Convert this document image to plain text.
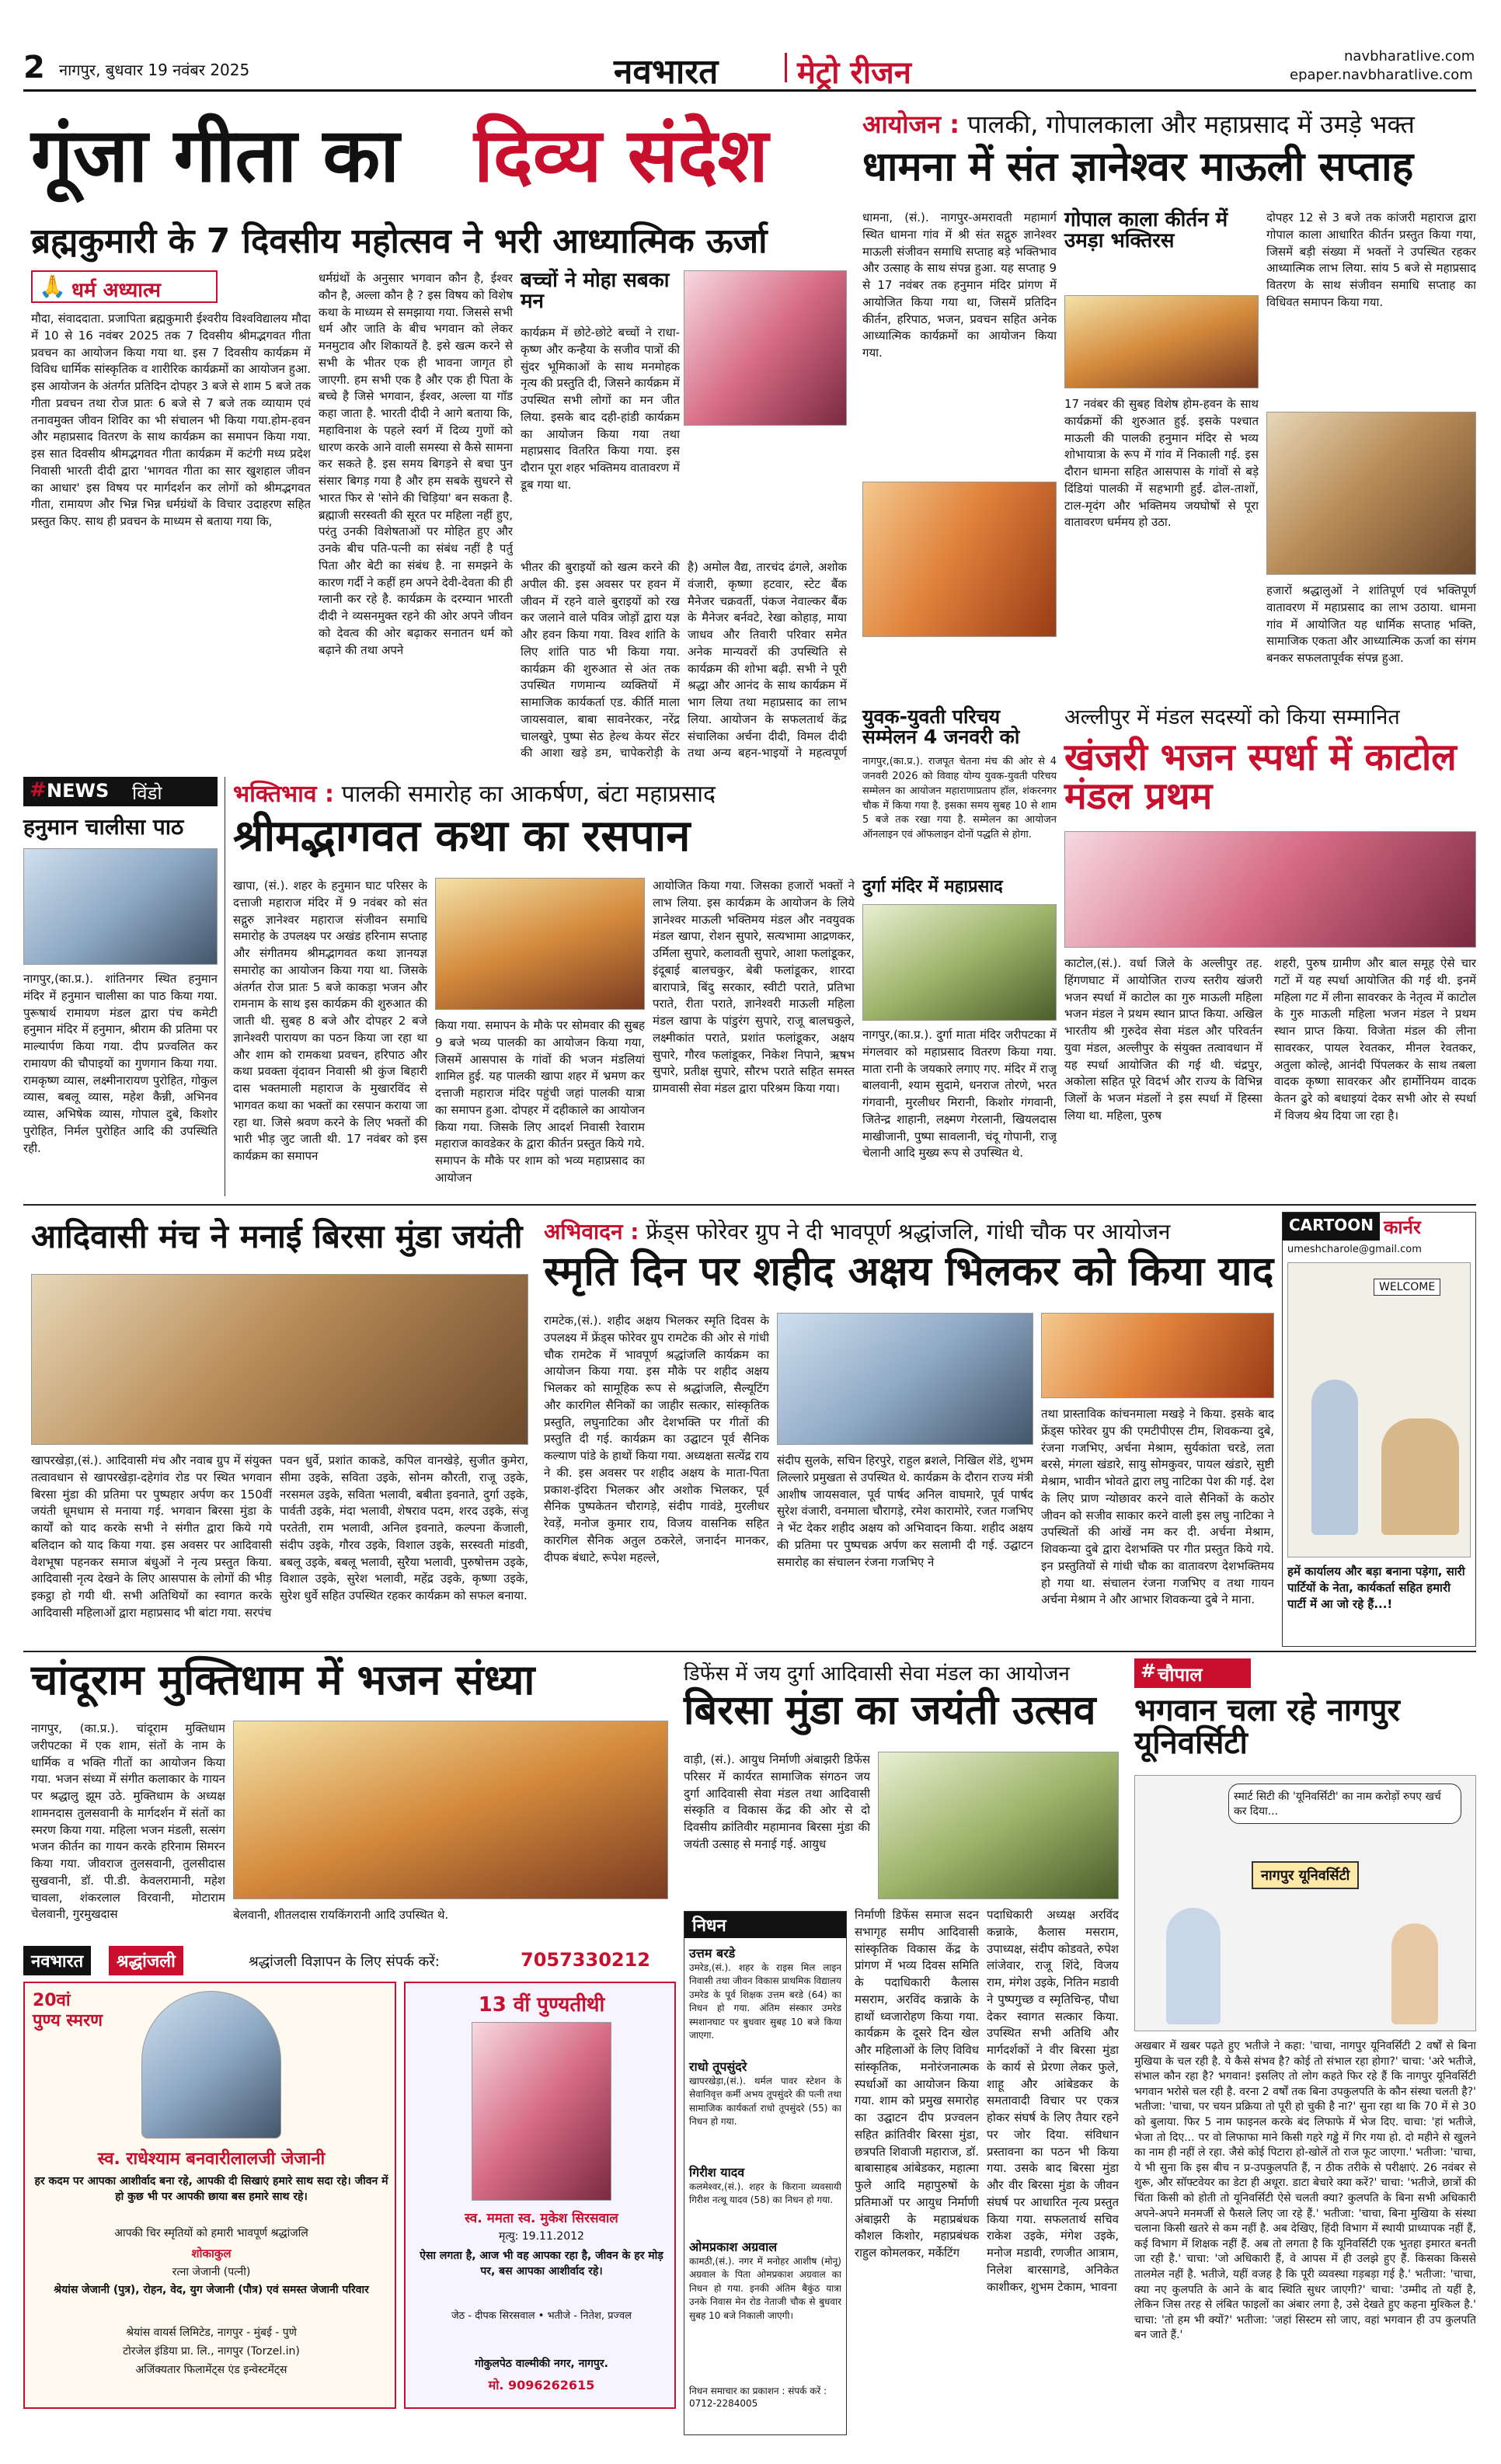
2 नागपुर, बुधवार 19 नवंबर 2025	नवभारत	मेट्रो रीजन	navbharatlive.com
epaper.navbharatlive.com
गूंजा गीता का दिव्य संदेश
ब्रह्मकुमारी के 7 दिवसीय महोत्सव ने भरी आध्यात्मिक ऊर्जा
🙏 धर्म अध्यात्म
मौदा, संवाददाता. प्रजापिता ब्रह्मकुमारी ईश्वरीय विश्वविद्यालय मौदा में 10 से 16 नवंबर 2025 तक 7 दिवसीय श्रीमद्भगवत गीता प्रवचन का आयोजन किया गया था. इस 7 दिवसीय कार्यक्रम में विविध धार्मिक सांस्कृतिक व शारीरिक कार्यक्रमों का आयोजन हुआ. इस आयोजन के अंतर्गत प्रतिदिन दोपहर 3 बजे से शाम 5 बजे तक गीता प्रवचन तथा रोज प्रातः 6 बजे से 7 बजे तक व्यायाम एवं तनावमुक्त जीवन शिविर का भी संचालन भी किया गया.होम-हवन और महाप्रसाद वितरण के साथ कार्यक्रम का समापन किया गया. इस सात दिवसीय श्रीमद्भगवत गीता कार्यक्रम में कटंगी मध्य प्रदेश निवासी भारती दीदी द्वारा 'भागवत गीता का सार खुशहाल जीवन का आधार' इस विषय पर मार्गदर्शन कर लोगों को श्रीमद्भगवत गीता, रामायण और भिन्न भिन्न धर्मग्रंथों के विचार उदाहरण सहित प्रस्तुत किए. साथ ही प्रवचन के माध्यम से बताया गया कि,
धर्मग्रंथों के अनुसार भगवान कौन है, ईश्वर कौन है, अल्ला कौन है ? इस विषय को विशेष कथा के माध्यम से समझाया गया. जिससे सभी धर्म और जाति के बीच भगवान को लेकर मनमुटाव और शिकायतें है. इसे खत्म करने से सभी के भीतर एक ही भावना जागृत हो जाएगी. हम सभी एक है और एक ही पिता के बच्चे है जिसे भगवान, ईश्वर, अल्ला या गॉड कहा जाता है. भारती दीदी ने आगे बताया कि, महाविनाश के पहले स्वर्ग में दिव्य गुणों को धारण करके आने वाली समस्या से कैसे सामना कर सकते है. इस समय बिगड़ने से बचा पुन संसार बिगड़ गया है और हम सबके सुधरने से भारत फिर से 'सोने की चिड़िया' बन सकता है. ब्रह्माजी सरस्वती की सूरत पर महिला नहीं हुए, परंतु उनकी विशेषताओं पर मोहित हुए और उनके बीच पति-पत्नी का संबंध नहीं है पर्तु पिता और बेटी का संबंध है. ना समझने के कारण गर्दी ने कहीं हम अपने देवी-देवता की ही ग्लानी कर रहे है. कार्यक्रम के दरम्यान भारती दीदी ने व्यसनमुक्त रहने की ओर अपने जीवन को देवत्व की ओर बढ़ाकर सनातन धर्म को बढ़ाने की तथा अपने
बच्चों ने मोहा सबका मन
कार्यक्रम में छोटे-छोटे बच्चों ने राधा-कृष्ण और कन्हैया के सजीव पात्रों की सुंदर भूमिकाओं के साथ मनमोहक नृत्य की प्रस्तुति दी, जिसने कार्यक्रम में उपस्थित सभी लोगों का मन जीत लिया. इसके बाद दही-हांडी कार्यक्रम का आयोजन किया गया तथा महाप्रसाद वितरित किया गया. इस दौरान पूरा शहर भक्तिमय वातावरण में डूब गया था.
भीतर की बुराइयों को खत्म करने की अपील की. इस अवसर पर हवन में जीवन में रहने वाले बुराइयों को रख कर जलाने वाले पवित्र जोड़ों द्वारा यज्ञ और हवन किया गया. विश्व शांति के लिए शांति पाठ भी किया गया. कार्यक्रम की शुरुआत से अंत तक उपस्थित गणमान्य व्यक्तियों में सामाजिक कार्यकर्ता एड. कीर्ति माला जायसवाल, बाबा सावनेरकर, नरेंद्र चालखुरे, पुष्पा सेठ हेल्थ केयर सेंटर की आशा खड़े डम, चापेकरोड़ी के
है) अमोल वैद्य, तारचंद ढंगले, अशोक वंजारी, कृष्णा हटवार, स्टेट बैंक मैनेजर चक्रवर्ती, पंकज नेवाल्कर बैंक के मैनेजर बर्नवटे, रेखा कोहाड़, माया जाधव और तिवारी परिवार समेत अनेक मान्यवरों की उपस्थिति से कार्यक्रम की शोभा बढ़ी. सभी ने पूरी श्रद्धा और आनंद के साथ कार्यक्रम में भाग लिया तथा महाप्रसाद का लाभ लिया. आयोजन के सफलतार्थ केंद्र संचालिका अर्चना दीदी, विमल दीदी तथा अन्य बहन-भाइयों ने महत्वपूर्ण
आयोजन : पालकी, गोपालकाला और महाप्रसाद में उमड़े भक्त
धामना में संत ज्ञानेश्वर माऊली सप्ताह
धामना, (सं.). नागपुर-अमरावती महामार्ग स्थित धामना गांव में श्री संत सद्गुरु ज्ञानेश्वर माऊली संजीवन समाधि सप्ताह बड़े भक्तिभाव और उत्साह के साथ संपन्न हुआ. यह सप्ताह 9 से 17 नवंबर तक हनुमान मंदिर प्रांगण में आयोजित किया गया था, जिसमें प्रतिदिन कीर्तन, हरिपाठ, भजन, प्रवचन सहित अनेक आध्यात्मिक कार्यक्रमों का आयोजन किया गया.
17 नवंबर की सुबह विशेष होम-हवन के साथ कार्यक्रमों की शुरुआत हुई. इसके पश्चात माऊली की पालकी हनुमान मंदिर से भव्य शोभायात्रा के रूप में गांव में निकाली गई. इस दौरान धामना सहित आसपास के गांवों से बड़े दिंडियां पालकी में सहभागी हुईं. ढोल-ताशों, टाल-मृदंग और भक्तिमय जयघोषों से पूरा वातावरण धर्ममय हो उठा.
गोपाल काला कीर्तन में उमड़ा भक्तिरस
दोपहर 12 से 3 बजे तक कांजरी महाराज द्वारा गोपाल काला आधारित कीर्तन प्रस्तुत किया गया, जिसमें बड़ी संख्या में भक्तों ने उपस्थित रहकर आध्यात्मिक लाभ लिया. सांय 5 बजे से महाप्रसाद वितरण के साथ संजीवन समाधि सप्ताह का विधिवत समापन किया गया.
हजारों श्रद्धालुओं ने शांतिपूर्ण एवं भक्तिपूर्ण वातावरण में महाप्रसाद का लाभ उठाया. धामना गांव में आयोजित यह धार्मिक सप्ताह भक्ति, सामाजिक एकता और आध्यात्मिक ऊर्जा का संगम बनकर सफलतापूर्वक संपन्न हुआ.
# NEWS विंडो
हनुमान चालीसा पाठ
नागपुर,(का.प्र.). शांतिनगर स्थित हनुमान मंदिर में हनुमान चालीसा का पाठ किया गया. पुरूषार्थ रामायण मंडल द्वारा पंच कमेटी हनुमान मंदिर में हनुमान, श्रीराम की प्रतिमा पर माल्यार्पण किया गया. दीप प्रज्वलित कर रामायण की चौपाइयों का गुणगान किया गया. रामकृष्ण व्यास, लक्ष्मीनारायण पुरोहित, गोकुल व्यास, बबलू व्यास, महेश कैन्नी, अभिनव व्यास, अभिषेक व्यास, गोपाल दुबे, किशोर पुरोहित, निर्मल पुरोहित आदि की उपस्थिति रही.
भक्तिभाव : पालकी समारोह का आकर्षण, बंटा महाप्रसाद
श्रीमद्भागवत कथा का रसपान
खापा, (सं.). शहर के हनुमान घाट परिसर के दत्ताजी महाराज मंदिर में 9 नवंबर को संत सद्गुरु ज्ञानेश्वर महाराज संजीवन समाधि समारोह के उपलक्ष्य पर अखंड हरिनाम सप्ताह और संगीतमय श्रीमद्भागवत कथा ज्ञानयज्ञ समारोह का आयोजन किया गया था. जिसके अंतर्गत रोज प्रातः 5 बजे काकड़ा भजन और रामनाम के साथ इस कार्यक्रम की शुरुआत की जाती थी. सुबह 8 बजे और दोपहर 2 बजे ज्ञानेश्वरी पारायण का पठन किया जा रहा था और शाम को रामकथा प्रवचन, हरिपाठ और कथा प्रवक्ता वृंदावन निवासी श्री कुंज बिहारी दास भक्तमाली महाराज के मुखारविंद से भागवत कथा का भक्तों का रसपान कराया जा रहा था. जिसे श्रवण करने के लिए भक्तों की भारी भीड़ जुट जाती थी. 17 नवंबर को इस कार्यक्रम का समापन
किया गया. समापन के मौके पर सोमवार की सुबह 9 बजे भव्य पालकी का आयोजन किया गया, जिसमें आसपास के गांवों की भजन मंडलियां शामिल हुई. यह पालकी खापा शहर में भ्रमण कर दत्ताजी महाराज मंदिर पहुंची जहां पालकी यात्रा का समापन हुआ. दोपहर में दहीकाले का आयोजन किया गया. जिसके लिए आदर्श निवासी रेवाराम महाराज कावडेकर के द्वारा कीर्तन प्रस्तुत किये गये. समापन के मौके पर शाम को भव्य महाप्रसाद का आयोजन
आयोजित किया गया. जिसका हजारों भक्तों ने लाभ लिया. इस कार्यक्रम के आयोजन के लिये ज्ञानेश्वर माऊली भक्तिमय मंडल और नवयुवक मंडल खापा, रोशन सुपारे, सत्यभामा आद्रणकर, उर्मिला सुपारे, कलावती सुपारे, आशा फलांडूकर, इंदूबाई बालचकुर, बेबी फलांडूकर, शारदा बारापात्रे, बिंदु सरकार, स्वीटी पराते, प्रतिभा पराते, रीता पराते, ज्ञानेश्वरी माऊली महिला मंडल खापा के पांडुरंग सुपारे, राजू बालचकुले, लक्ष्मीकांत पराते, प्रशांत फलांडूकर, अक्षय सुपारे, गौरव फलांडूकर, निकेश निपाने, ऋषभ सुपारे, प्रतीक्ष सुपारे, सौरभ पराते सहित समस्त ग्रामवासी सेवा मंडल द्वारा परिश्रम किया गया।
युवक-युवती परिचय सम्मेलन 4 जनवरी को
नागपुर,(का.प्र.). राजपूत चेतना मंच की ओर से 4 जनवरी 2026 को विवाह योग्य युवक-युवती परिचय सम्मेलन का आयोजन महाराणाप्रताप हॉल, शंकरनगर चौक में किया गया है. इसका समय सुबह 10 से शाम 5 बजे तक रखा गया है. सम्मेलन का आयोजन ऑनलाइन एवं ऑफलाइन दोनों पद्धति से होगा.
दुर्गा मंदिर में महाप्रसाद
नागपुर,(का.प्र.). दुर्गा माता मंदिर जरीपटका में मंगलवार को महाप्रसाद वितरण किया गया. माता रानी के जयकारे लगाए गए. मंदिर में राजू बालवानी, श्याम सुदामे, धनराज तोरणे, भरत गंगवानी, मुरलीधर मिरानी, किशोर गंगवानी, जितेन्द्र शाहानी, लक्ष्मण गेरलानी, खियलदास माखीजानी, पुष्पा सावलानी, चंदू गोपानी, राजू चेलानी आदि मुख्य रूप से उपस्थित थे.
अल्लीपुर में मंडल सदस्यों को किया सम्मानित
खंजरी भजन स्पर्धा में काटोल मंडल प्रथम
काटोल,(सं.). वर्धा जिले के अल्लीपुर तह. हिंगणघाट में आयोजित राज्य स्तरीय खंजरी भजन स्पर्धा में काटोल का गुरु माऊली महिला भजन मंडल ने प्रथम स्थान प्राप्त किया. अखिल भारतीय श्री गुरुदेव सेवा मंडल और परिवर्तन युवा मंडल, अल्लीपुर के संयुक्त तत्वावधान में यह स्पर्धा आयोजित की गई थी. चंद्रपुर, अकोला सहित पूरे विदर्भ और राज्य के विभिन्न जिलों के भजन मंडलों ने इस स्पर्धा में हिस्सा लिया था. महिला, पुरुष
शहरी, पुरुष ग्रामीण और बाल समूह ऐसे चार गटों में यह स्पर्धा आयोजित की गई थी. इनमें महिला गट में लीना सावरकर के नेतृत्व में काटोल के गुरु माऊली महिला भजन मंडल ने प्रथम स्थान प्राप्त किया. विजेता मंडल की लीना सावरकर, पायल रेवतकर, मीनल रेवतकर, अतुला कोल्हे, आनंदी पिंपलकर के साथ तबला वादक कृष्णा सावरकर और हार्मोनियम वादक केतन ढुरे को बधाइयां देकर सभी ओर से स्पर्धा में विजय श्रेय दिया जा रहा है।
आदिवासी मंच ने मनाई बिरसा मुंडा जयंती
खापरखेड़ा,(सं.). आदिवासी मंच और नवाब ग्रुप में संयुक्त तत्वावधान से खापरखेड़ा-दहेगांव रोड पर स्थित भगवान बिरसा मुंडा की प्रतिमा पर पुष्पहार अर्पण कर 150वीं जयंती धूमधाम से मनाया गई. भगवान बिरसा मुंडा के कार्यों को याद करके सभी ने संगीत द्वारा किये गये बलिदान को याद किया गया. इस अवसर पर आदिवासी वेशभूषा पहनकर समाज बंधुओं ने नृत्य प्रस्तुत किया. आदिवासी नृत्य देखने के लिए आसपास के लोगों की भीड़ इकट्ठा हो गयी थी. सभी अतिथियों का स्वागत करके आदिवासी महिलाओं द्वारा महाप्रसाद भी बांटा गया. सरपंच
पवन धुर्वे, प्रशांत काकडे, कपिल वानखेड़े, सुजीत कुमेरा, सीमा उइके, सविता उइके, सोनम कौरती, राजू उइके, नरसमल उइके, सविता भलावी, बबीता इवनाते, दुर्गा उइके, पार्वती उइके, मंदा भलावी, शेषराव पदम, शरद उइके, संजू परतेती, राम भलावी, अनिल इवनाते, कल्पना केंजाली, संदीप उइके, गौरव उइके, विशाल उइके, सरस्वती मांडवी, बबलू उइके, बबलू भलावी, सुरैया भलावी, पुरुषोत्तम उइके, विशाल उइके, सुरेश भलावी, महेंद्र उइके, कृष्णा उइके, सुरेश धुर्वे सहित उपस्थित रहकर कार्यक्रम को सफल बनाया.
अभिवादन : फ्रेंड्स फोरेवर ग्रुप ने दी भावपूर्ण श्रद्धांजलि, गांधी चौक पर आयोजन
स्मृति दिन पर शहीद अक्षय भिलकर को किया याद
रामटेक,(सं.). शहीद अक्षय भिलकर स्मृति दिवस के उपलक्ष्य में फ्रेंड्स फोरेवर ग्रुप रामटेक की ओर से गांधी चौक रामटेक में भावपूर्ण श्रद्धांजलि कार्यक्रम का आयोजन किया गया. इस मौके पर शहीद अक्षय भिलकर को सामूहिक रूप से श्रद्धांजलि, सैल्यूटिंग और कारगिल सैनिकों का जाहीर सत्कार, सांस्कृतिक प्रस्तुति, लघुनाटिका और देशभक्ति पर गीतों की प्रस्तुति दी गई. कार्यक्रम का उद्घाटन पूर्व सैनिक कल्याण पांडे के हाथों किया गया. अध्यक्षता सत्येंद्र राय ने की. इस अवसर पर शहीद अक्षय के माता-पिता प्रकाश-इंदिरा भिलकर और अशोक भिलकर, पूर्व सैनिक पुष्पकेतन चौरागड़े, संदीप गावंडे, मुरलीधर रेवड़ें, मनोज कुमार राय, विजय वासनिक सहित कारगिल सैनिक अतुल ठकरेले, जनार्दन मानकर, दीपक बंधाटे, रूपेश महल्ले,
संदीप सुलके, सचिन हिरपुरे, राहुल ब्रशले, निखिल शेंडे, शुभम लिल्लारे प्रमुखता से उपस्थित थे. कार्यक्रम के दौरान राज्य मंत्री आशीष जायसवाल, पूर्व पार्षद अनिल वाघमारे, पूर्व पार्षद सुरेश वंजारी, वनमाला चौरागड़े, रमेश कारामोरे, रजत गजभिए ने भेंट देकर शहीद अक्षय को अभिवादन किया. शहीद अक्षय की प्रतिमा पर पुष्पचक्र अर्पण कर सलामी दी गई. उद्घाटन समारोह का संचालन रंजना गजभिए ने
तथा प्रास्ताविक कांचनमाला मखड़े ने किया. इसके बाद फ्रेंड्स फोरेवर ग्रुप की एमटीपीएस टीम, शिवकन्या दुबे, रंजना गजभिए, अर्चना मेश्राम, सुर्यकांता चरडे, लता बरसे, मंगला खंडारे, सायु सोमकुवर, पायल खंडारे, सुष्टी मेश्राम, भावीन भोवते द्वारा लघु नाटिका पेश की गई. देश के लिए प्राण न्योछावर करने वाले सैनिकों के कठोर जीवन को सजीव साकार करने वाली इस लघु नाटिका ने उपस्थितों की आंखें नम कर दी. अर्चना मेश्राम, शिवकन्या दुबे द्वारा देशभक्ति पर गीत प्रस्तुत किये गये. इन प्रस्तुतियों से गांधी चौक का वातावरण देशभक्तिमय हो गया था. संचालन रंजना गजभिए व तथा गायन अर्चना मेश्राम ने और आभार शिवकन्या दुबे ने माना.
CARTOON कार्नर
umeshcharole@gmail.com
WELCOME
हमें कार्यालय और बड़ा बनाना पड़ेगा, सारी पार्टियों के नेता, कार्यकर्ता सहित हमारी पार्टी में आ जो रहे हैं...!
चांदूराम मुक्तिधाम में भजन संध्या
नागपुर, (का.प्र.). चांदूराम मुक्तिधाम जरीपटका में एक शाम, संतों के नाम के धार्मिक व भक्ति गीतों का आयोजन किया गया. भजन संध्या में संगीत कलाकार के गायन पर श्रद्धालु झूम उठे. मुक्तिधाम के अध्यक्ष शामनदास तुलसवानी के मार्गदर्शन में संतों का स्मरण किया गया. महिला भजन मंडली, सत्संग भजन कीर्तन का गायन करके हरिनाम सिमरन किया गया. जीवराज तुलसवानी, तुलसीदास सुखवानी, डॉ. पी.डी. केवलरामानी, महेश चावला, शंकरलाल विरवानी, मोटाराम चेलवानी, गुरमुखदास	बेलवानी, शीतलदास रायकिंगरानी आदि उपस्थित थे.
डिफेंस में जय दुर्गा आदिवासी सेवा मंडल का आयोजन
बिरसा मुंडा का जयंती उत्सव
वाड़ी, (सं.). आयुध निर्माणी अंबाझरी डिफेंस परिसर में कार्यरत सामाजिक संगठन जय दुर्गा आदिवासी सेवा मंडल तथा आदिवासी संस्कृति व विकास केंद्र की ओर से दो दिवसीय क्रांतिवीर महामानव बिरसा मुंडा की जयंती उत्साह से मनाई गई. आयुध
निर्माणी डिफेंस समाज सदन सभागृह समीप आदिवासी सांस्कृतिक विकास केंद्र के प्रांगण में भव्य दिवस समिति के पदाधिकारी कैलास मसराम, अरविंद कन्नाके के हाथों ध्वजारोहण किया गया. कार्यक्रम के दूसरे दिन खेल और महिलाओं के लिए विविध सांस्कृतिक, मनोरंजनात्मक स्पर्धाओं का आयोजन किया गया. शाम को प्रमुख समारोह का उद्घाटन दीप प्रज्वलन सहित क्रांतिवीर बिरसा मुंडा, छत्रपति शिवाजी महाराज, डॉ. बाबासाहब आंबेडकर, महात्मा फुले आदि महापुरुषों के प्रतिमाओं पर आयुध निर्माणी अंबाझरी के महाप्रबंधक कौशल किशोर, महाप्रबंधक राहुल कोमलकर, मर्केटिंग
पदाधिकारी अध्यक्ष अरविंद कन्नाके, कैलास मसराम, उपाध्यक्ष, संदीप कोडवते, रुपेश लांजेवार, राजू शिंदे, विजय राम, मंगेश उइके, नितिन मडावी ने पुष्पगुच्छ व स्मृतिचिन्ह, पौधा देकर स्वागत सत्कार किया. उपस्थित सभी अतिथि और मार्गदर्शकों ने वीर बिरसा मुंडा के कार्य से प्रेरणा लेकर फुले, शाहू और आंबेडकर के समतावादी विचार पर एकत्र होकर संघर्ष के लिए तैयार रहने पर जोर दिया. संविधान प्रस्तावना का पठन भी किया गया. उसके बाद बिरसा मुंडा और वीर बिरसा मुंडा के जीवन संघर्ष पर आधारित नृत्य प्रस्तुत किया गया. सफलतार्थ सचिव राकेश उइके, मंगेश उइके, मनोज मडावी, रणजीत आत्राम, निलेश बारसागडे, अनिकेत काशीकर, शुभम टेकाम, भावना
निधन
उत्तम बरडे
उमरेड,(सं.). शहर के राइस मिल लाइन निवासी तथा जीवन विकास प्राथमिक विद्यालय उमरेड के पूर्व शिक्षक उत्तम बरडे (64) का निधन हो गया. अंतिम संस्कार उमरेड स्मशानघाट पर बुधवार सुबह 10 बजे किया जाएगा.
राधो तूपसुंदरे
खापरखेड़ा,(सं.). थर्मल पावर स्टेशन के सेवानिवृत्त कर्मी अभय तूपसुंदरे की पत्नी तथा सामाजिक कार्यकर्ता राधो तूपसुंदरे (55) का निधन हो गया.
गिरीश यादव
कलमेश्वर,(सं.). शहर के किराना व्यवसायी गिरीश नत्थू यादव (58) का निधन हो गया.
ओमप्रकाश अग्रवाल
कामठी,(सं.). नगर में मनोहर आशीष (मोनू) अग्रवाल के पिता ओमप्रकाश अग्रवाल का निधन हो गया. इनकी अंतिम बैकुंठ यात्रा उनके निवास मेन रोड नेताजी चौक से बुधवार सुबह 10 बजे निकाली जाएगी।
निधन समाचार का प्रकाशन : संपर्क करें : 0712-2284005
नवभारत	श्रद्धांजली	श्रद्धांजली विज्ञापन के लिए संपर्क करें:	7057330212
20वां पुण्य स्मरण
स्व. राधेश्याम बनवारीलालजी जेजानी
हर कदम पर आपका आशीर्वाद बना रहे, आपकी दी सिखाएं हमारे साथ सदा रहे। जीवन में हो कुछ भी पर आपकी छाया बस हमारे साथ रहे।
आपकी चिर स्मृतियों को हमारी भावपूर्ण श्रद्धांजलि
शोकाकुल
रत्ना जेजानी (पत्नी)
श्रेयांस जेजानी (पुत्र), रोहन, वेद, युग जेजानी (पौत्र) एवं समस्त जेजानी परिवार
श्रेयांस वायर्स लिमिटेड, नागपुर - मुंबई - पुणे
टोरजेल इंडिया प्रा. लि., नागपुर (Torzel.in)
अजिंक्यतार फिलामेंट्स एंड इन्वेस्टमेंट्स
13 वीं पुण्यतीथी
स्व. ममता स्व. मुकेश सिरसवाल
मृत्यु: 19.11.2012
ऐसा लगता है, आज भी वह आपका रहा है, जीवन के हर मोड़ पर, बस आपका आशीर्वाद रहे।
जेठ - दीपक सिरसवाल • भतीजे - नितेश, प्रज्वल
गोकुलपेठ वाल्मीकी नगर, नागपुर.
मो. 9096262615
# चौपाल
भगवान चला रहे नागपुर यूनिवर्सिटी
स्मार्ट सिटी की 'यूनिवर्सिटी' का नाम करोड़ों रुपए खर्च कर दिया...
नागपुर यूनिवर्सिटी
अखबार में खबर पढ़ते हुए भतीजे ने कहा: 'चाचा, नागपुर यूनिवर्सिटी 2 वर्षों से बिना मुखिया के चल रही है. ये कैसे संभव है? कोई तो संभाल रहा होगा?' चाचा: 'अरे भतीजे, संभाल कौन रहा है? भगवान! इसलिए तो लोग कहते फिर रहे हैं कि नागपुर यूनिवर्सिटी भगवान भरोसे चल रही है. वरना 2 वर्षों तक बिना उपकुलपति के कौन संस्था चलती है?' भतीजा: 'चाचा, पर चयन प्रक्रिया तो पूरी हो चुकी है ना?' सुना रहा था कि 70 में से 30 को बुलाया. फिर 5 नाम फाइनल करके बंद लिफाफे में भेज दिए. चाचा: 'हां भतीजे, भेजा तो दिए... पर वो लिफाफा माने किसी गहरे गड्ढे में गिर गया हो. दो महीने से खुलने का नाम ही नहीं ले रहा. जैसे कोई पिटारा हो-खोलें तो राज फूट जाएगा.' भतीजा: 'चाचा, ये भी सुना कि इस बीच न प्र-उपकुलपति हैं, न ठीक तरीके से परीक्षाएं. 26 नवंबर से शुरू, और सॉफ्टवेयर का डेटा ही अधूरा. डाटा बेचारे क्या करें?' चाचा: 'भतीजे, छात्रों की चिंता किसी को होती तो यूनिवर्सिटी ऐसे चलती क्या? कुलपति के बिना सभी अधिकारी अपने-अपने मनमर्जी से फैसले लिए जा रहे हैं.' भतीजा: 'चाचा, बिना मुखिया के संस्था चलाना किसी खतरे से कम नहीं है. अब देखिए, हिंदी विभाग में स्थायी प्राध्यापक नहीं हैं, कई विभाग में शिक्षक नहीं हैं. अब तो लगता है कि यूनिवर्सिटी एक भुतहा इमारत बनती जा रही है.' चाचा: 'जो अधिकारी हैं, वे आपस में ही उलझे हुए हैं. किसका किससे तालमेल नहीं है. भतीजे, यहीं वजह है कि पूरी व्यवस्था गड़बड़ा गई है.' भतीजा: 'चाचा, क्या नए कुलपति के आने के बाद स्थिति सुधर जाएगी?' चाचा: 'उम्मीद तो यहीं है, लेकिन जिस तरह से लंबित फाइलों का अंबार लगा है, उसे देखते हुए कहना मुश्किल है.' चाचा: 'तो हम भी क्यों?' भतीजा: 'जहां सिस्टम सो जाए, वहां भगवान ही उप कुलपति बन जाते हैं.'
